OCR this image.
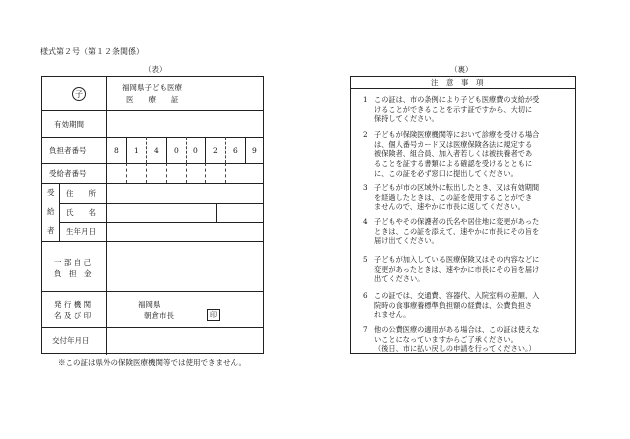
様式第２号（第１２条関係）
（表）
子
福岡県子ども医療
医　　療　　証
有効期間
負担者番号
受給者番号
受
給
者
住　　所
氏　　名
生年月日
一 部 自 己
負　担　金
発 行 機 関
名 及 び 印
交付年月日
8 1 4 0 0 2 6 9
福岡県
朝倉市長	印
※この証は県外の保険医療機関等では使用できません。
（裏）
注　意　事　項
1 この証は、市の条例により子ども医療費の支給が受
けることができることを示す証ですから、大切に
保持してください。
2 子どもが保険医療機関等において診療を受ける場合
は、個人番号カード又は医療保険各法に規定する
被保険者、組合員、加入者若しくは被扶養者であ
ることを証する書類による確認を受けるとともに
に、この証を必ず窓口に提出してください。
3 子どもが市の区域外に転出したとき、又は有効期間
を経過したときは、この証を使用することができ
ませんので、速やかに市長に返してください。
4 子どもやその保護者の氏名や居住地に変更があった
ときは、この証を添えて、速やかに市長にその旨を
届け出てください。
5 子どもが加入している医療保険又はその内容などに
変更があったときは、速やかに市長にその旨を届け
出てください。
6 この証では、交通費、容器代、入院室料の差額、入
院時の食事療養標準負担額の経費は、公費負担さ
れません。
7 他の公費医療の適用がある場合は、この証は使えな
いことになっていますからご了承ください。
（後日、市に払い戻しの申請を行ってください。）
